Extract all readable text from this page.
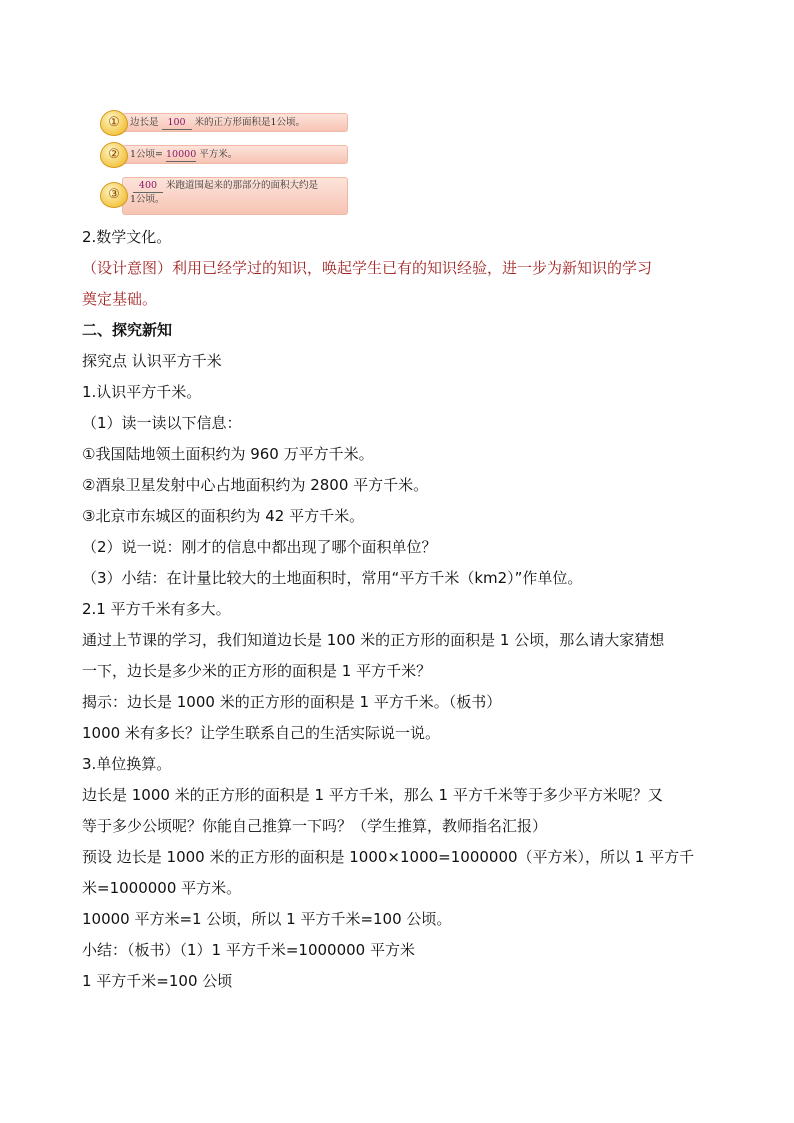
①	边长是 100 米的正方形面积是1公顷。
②	1公顷= 10000 平方米。
③
400 米跑道围起来的那部分的面积大约是
1公顷。
2.数学文化。
（设计意图）利用已经学过的知识，唤起学生已有的知识经验，进一步为新知识的学习
奠定基础。
二、探究新知
探究点 认识平方千米
1.认识平方千米。
（1）读一读以下信息：
①我国陆地领土面积约为 960 万平方千米。
②酒泉卫星发射中心占地面积约为 2800 平方千米。
③北京市东城区的面积约为 42 平方千米。
（2）说一说：刚才的信息中都出现了哪个面积单位？
（3）小结：在计量比较大的土地面积时，常用“平方千米（km2）”作单位。
2.1 平方千米有多大。
通过上节课的学习，我们知道边长是 100 米的正方形的面积是 1 公顷，那么请大家猜想
一下，边长是多少米的正方形的面积是 1 平方千米？
揭示：边长是 1000 米的正方形的面积是 1 平方千米。（板书）
1000 米有多长？让学生联系自己的生活实际说一说。
3.单位换算。
边长是 1000 米的正方形的面积是 1 平方千米，那么 1 平方千米等于多少平方米呢？又
等于多少公顷呢？你能自己推算一下吗？（学生推算，教师指名汇报）
预设 边长是 1000 米的正方形的面积是 1000×1000=1000000（平方米），所以 1 平方千
米=1000000 平方米。
10000 平方米=1 公顷，所以 1 平方千米=100 公顷。
小结：（板书）（1）1 平方千米=1000000 平方米
1 平方千米=100 公顷
